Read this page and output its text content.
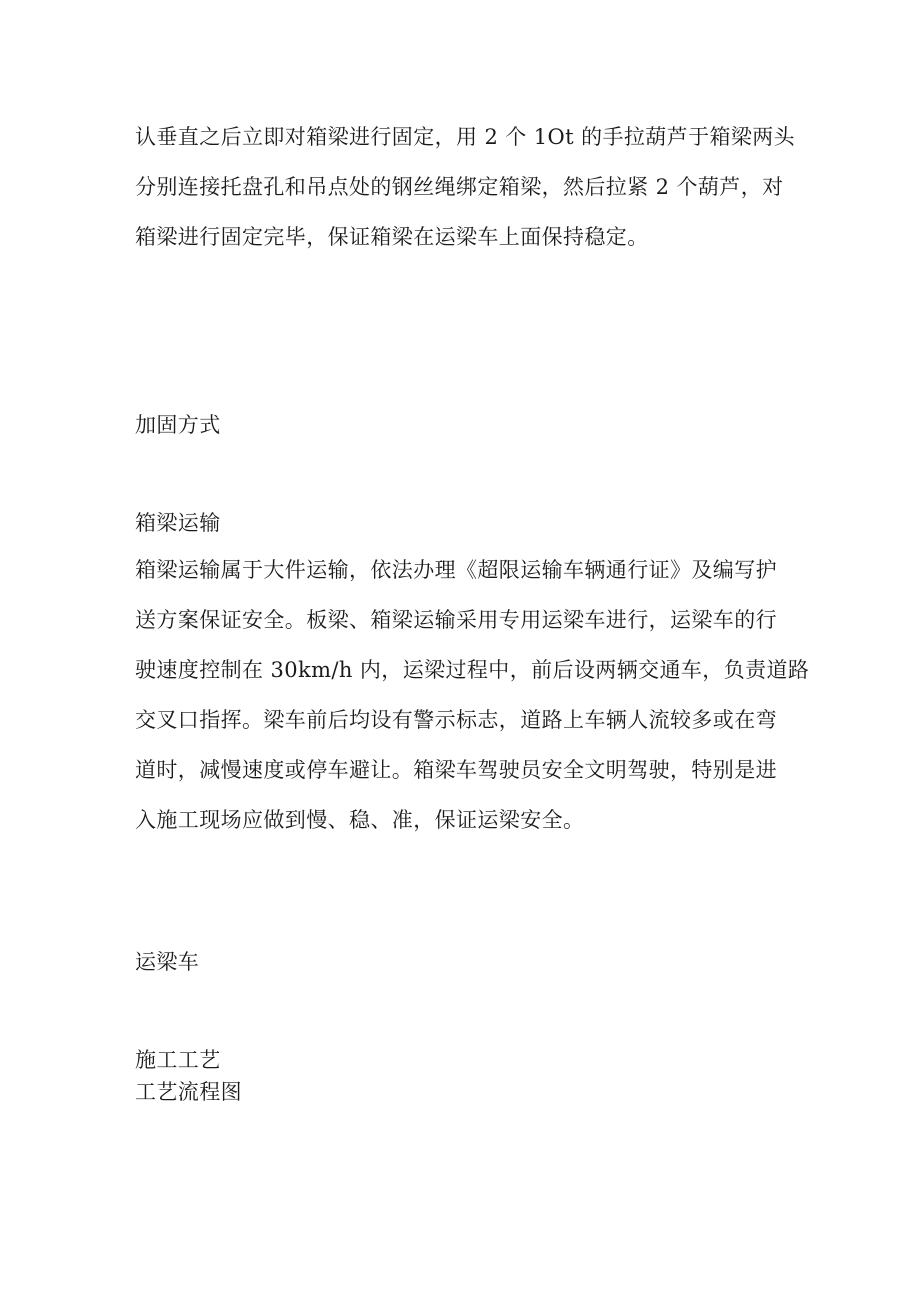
认垂直之后立即对箱梁进行固定，用 2 个 1Ot 的手拉葫芦于箱梁两头
分别连接托盘孔和吊点处的钢丝绳绑定箱梁，然后拉紧 2 个葫芦，对
箱梁进行固定完毕，保证箱梁在运梁车上面保持稳定。
加固方式
箱梁运输
箱梁运输属于大件运输，依法办理《超限运输车辆通行证》及编写护
送方案保证安全。板梁、箱梁运输采用专用运梁车进行，运梁车的行
驶速度控制在 30km/h 内，运梁过程中，前后设两辆交通车，负责道路
交叉口指挥。梁车前后均设有警示标志，道路上车辆人流较多或在弯
道时，减慢速度或停车避让。箱梁车驾驶员安全文明驾驶，特别是进
入施工现场应做到慢、稳、准，保证运梁安全。
运梁车
施工工艺
工艺流程图
